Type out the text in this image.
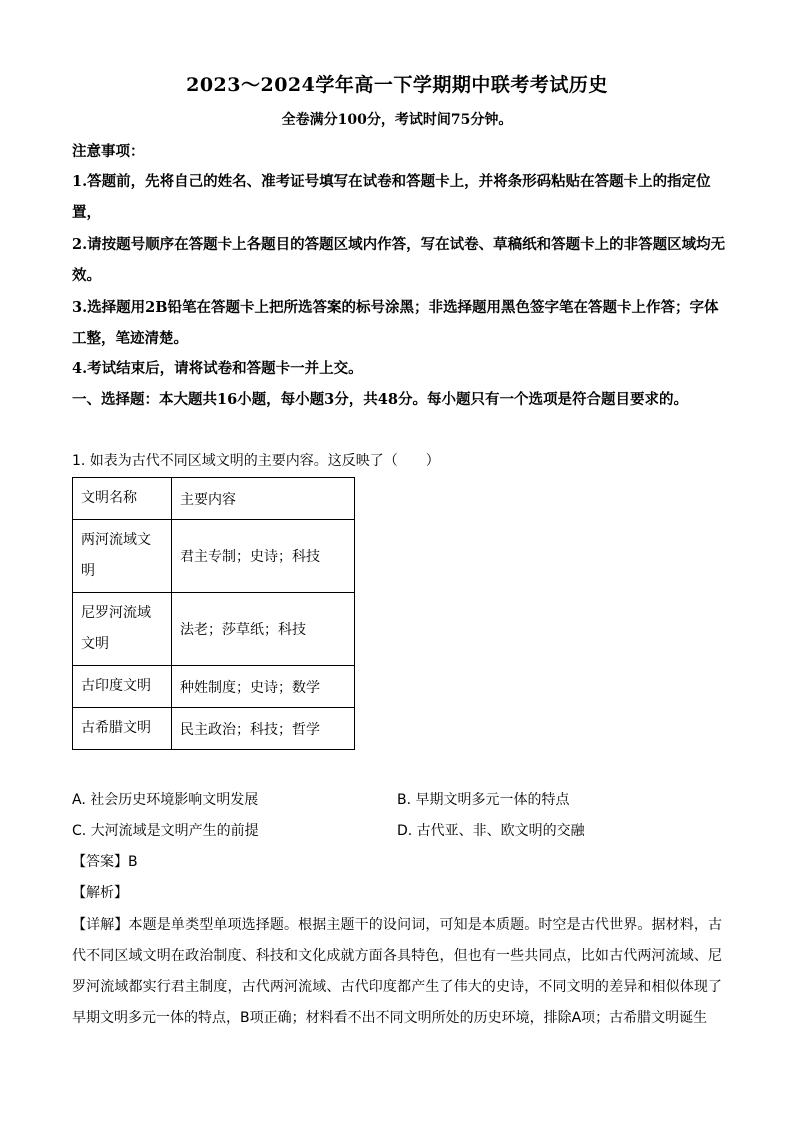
2023～2024学年高一下学期期中联考考试历史
全卷满分100分，考试时间75分钟。

注意事项：

1.答题前，先将自己的姓名、准考证号填写在试卷和答题卡上，并将条形码粘贴在答题卡上的指定位置，

2.请按题号顺序在答题卡上各题目的答题区域内作答，写在试卷、草稿纸和答题卡上的非答题区域均无效。

3.选择题用2B铅笔在答题卡上把所选答案的标号涂黑；非选择题用黑色签字笔在答题卡上作答；字体工整，笔迹清楚。

4.考试结束后，请将试卷和答题卡一并上交。

一、选择题：本大题共16小题，每小题3分，共48分。每小题只有一个选项是符合题目要求的。

1. 如表为古代不同区域文明的主要内容。这反映了（　　）
文明名称	主要内容
两河流域文明	君主专制；史诗；科技
尼罗河流域文明	法老；莎草纸；科技
古印度文明	种姓制度；史诗；数学
古希腊文明	民主政治；科技；哲学
A. 社会历史环境影响文明发展	B. 早期文明多元一体的特点
C. 大河流域是文明产生的前提	D. 古代亚、非、欧文明的交融
【答案】B
【解析】

【详解】本题是单类型单项选择题。根据主题干的设问词，可知是本质题。时空是古代世界。据材料，古代不同区域文明在政治制度、科技和文化成就方面各具特色，但也有一些共同点，比如古代两河流域、尼罗河流域都实行君主制度，古代两河流域、古代印度都产生了伟大的史诗，不同文明的差异和相似体现了早期文明多元一体的特点，B项正确；材料看不出不同文明所处的历史环境，排除A项；古希腊文明诞生
